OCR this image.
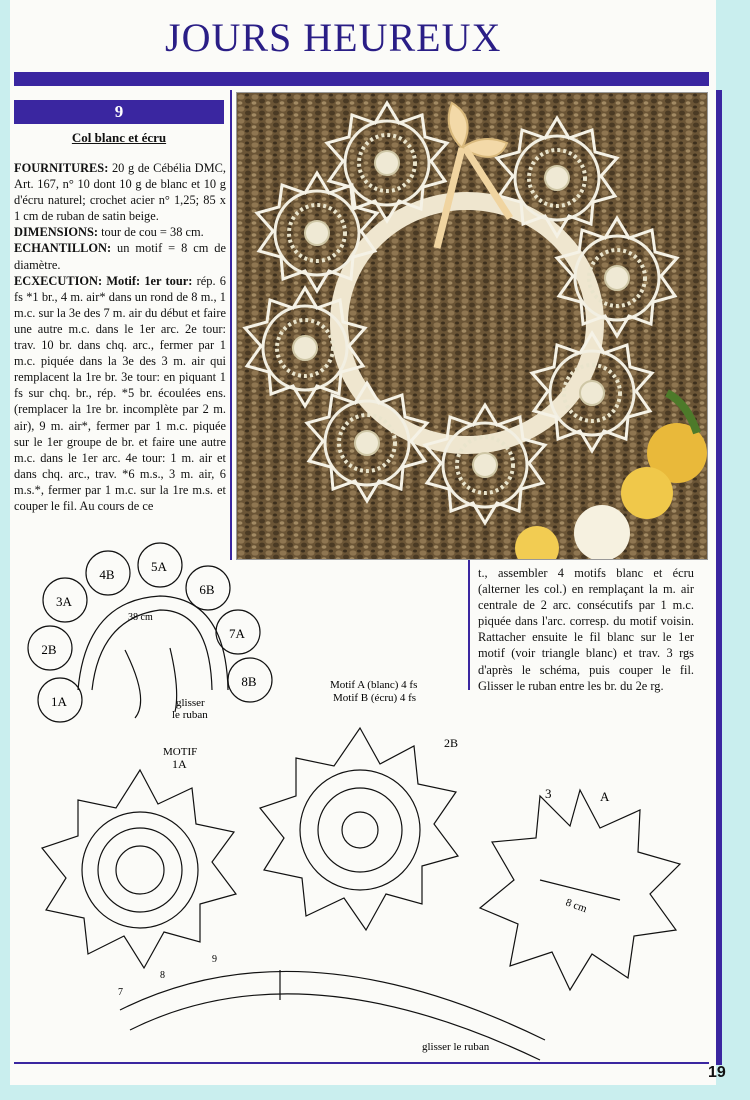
JOURS HEUREUX
9
Col blanc et écru

FOURNITURES: 20 g de Cébélia DMC, Art. 167, n° 10 dont 10 g de blanc et 10 g d'écru naturel; crochet acier n° 1,25; 85 x 1 cm de ruban de satin beige.

DIMENSIONS: tour de cou = 38 cm.

ECHANTILLON: un motif = 8 cm de diamètre.

ECXECUTION: Motif: 1er tour: rép. 6 fs *1 br., 4 m. air* dans un rond de 8 m., 1 m.c. sur la 3e des 7 m. air du début et faire une autre m.c. dans le 1er arc. 2e tour: trav. 10 br. dans chq. arc., fermer par 1 m.c. piquée dans la 3e des 3 m. air qui remplacent la 1re br. 3e tour: en piquant 1 fs sur chq. br., rép. *5 br. écoulées ens. (remplacer la 1re br. incomplète par 2 m. air), 9 m. air*, fermer par 1 m.c. piquée sur le 1er groupe de br. et faire une autre m.c. dans le 1er arc. 4e tour: 1 m. air et dans chq. arc., trav. *6 m.s., 3 m. air, 6 m.s.*, fermer par 1 m.c. sur la 1re m.s. et couper le fil. Au cours de ce

t., assembler 4 motifs blanc et écru (alterner les col.) en remplaçant la m. air centrale de 2 arc. consécutifs par 1 m.c. piquée dans l'arc. corresp. du motif voisin. Rattacher ensuite le fil blanc sur le 1er motif (voir triangle blanc) et trav. 3 rgs d'après le schéma, puis couper le fil. Glisser le ruban entre les br. du 2e rg.

1A
2B
3A
4B
5A
6B
7A
8B
38 cm
glisser
le ruban
Motif A (blanc) 4 fs
Motif B (écru) 4 fs
MOTIF
1A
2B
3	A
8 cm
glisser le ruban
7
8
9
19
